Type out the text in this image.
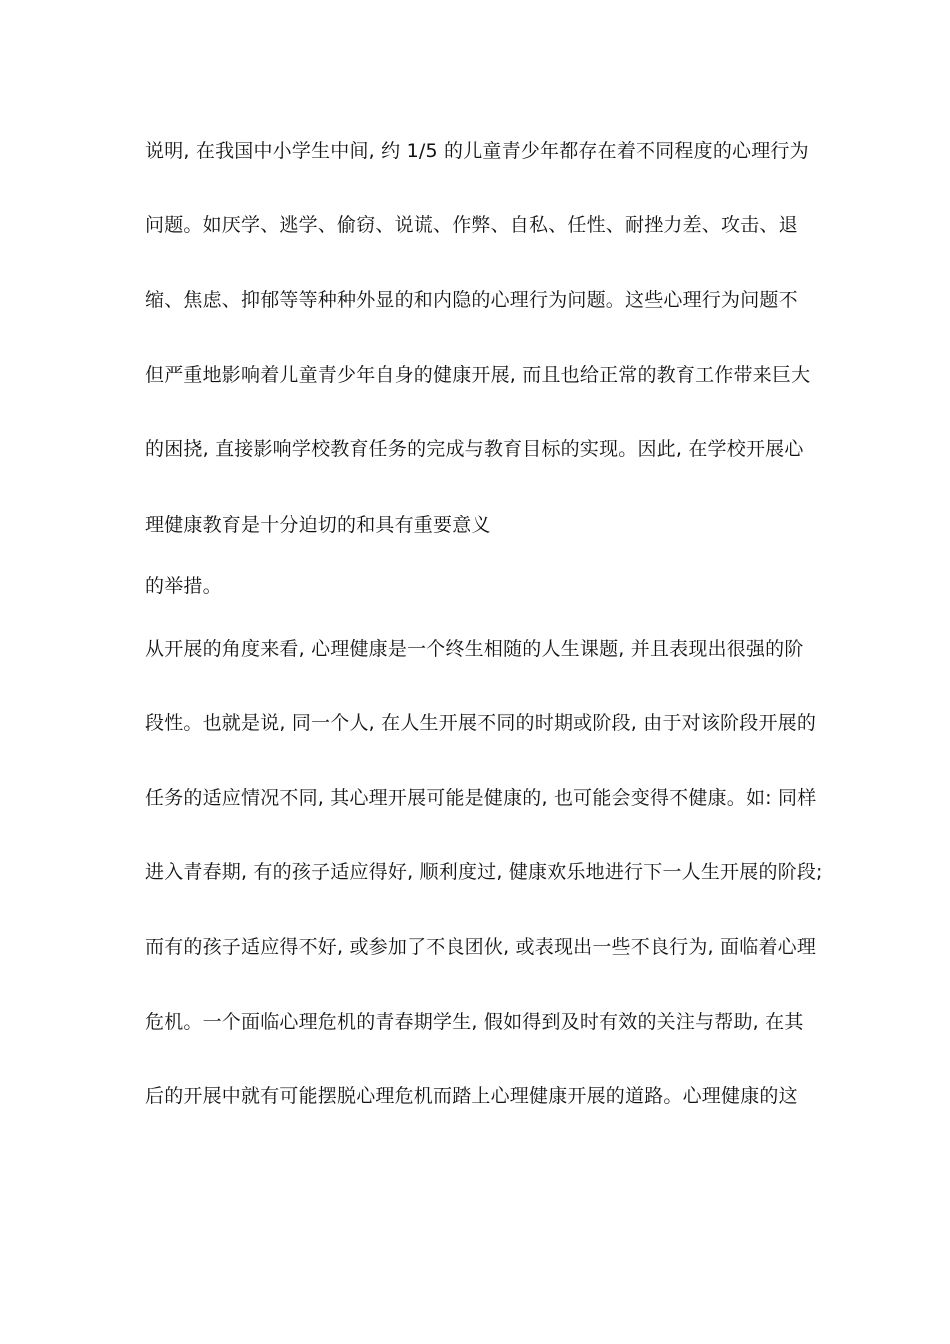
说明, 在我国中小学生中间, 约 1/5 的儿童青少年都存在着不同程度的心理行为
问题。如厌学、逃学、偷窃、说谎、作弊、自私、任性、耐挫力差、攻击、退
缩、焦虑、抑郁等等种种外显的和内隐的心理行为问题。这些心理行为问题不
但严重地影响着儿童青少年自身的健康开展, 而且也给正常的教育工作带来巨大
的困挠, 直接影响学校教育任务的完成与教育目标的实现。因此, 在学校开展心
理健康教育是十分迫切的和具有重要意义
的举措。
从开展的角度来看, 心理健康是一个终生相随的人生课题, 并且表现出很强的阶
段性。也就是说, 同一个人, 在人生开展不同的时期或阶段, 由于对该阶段开展的
任务的适应情况不同, 其心理开展可能是健康的, 也可能会变得不健康。如: 同样
进入青春期, 有的孩子适应得好, 顺利度过, 健康欢乐地进行下一人生开展的阶段;
而有的孩子适应得不好, 或参加了不良团伙, 或表现出一些不良行为, 面临着心理
危机。一个面临心理危机的青春期学生, 假如得到及时有效的关注与帮助, 在其
后的开展中就有可能摆脱心理危机而踏上心理健康开展的道路。心理健康的这
